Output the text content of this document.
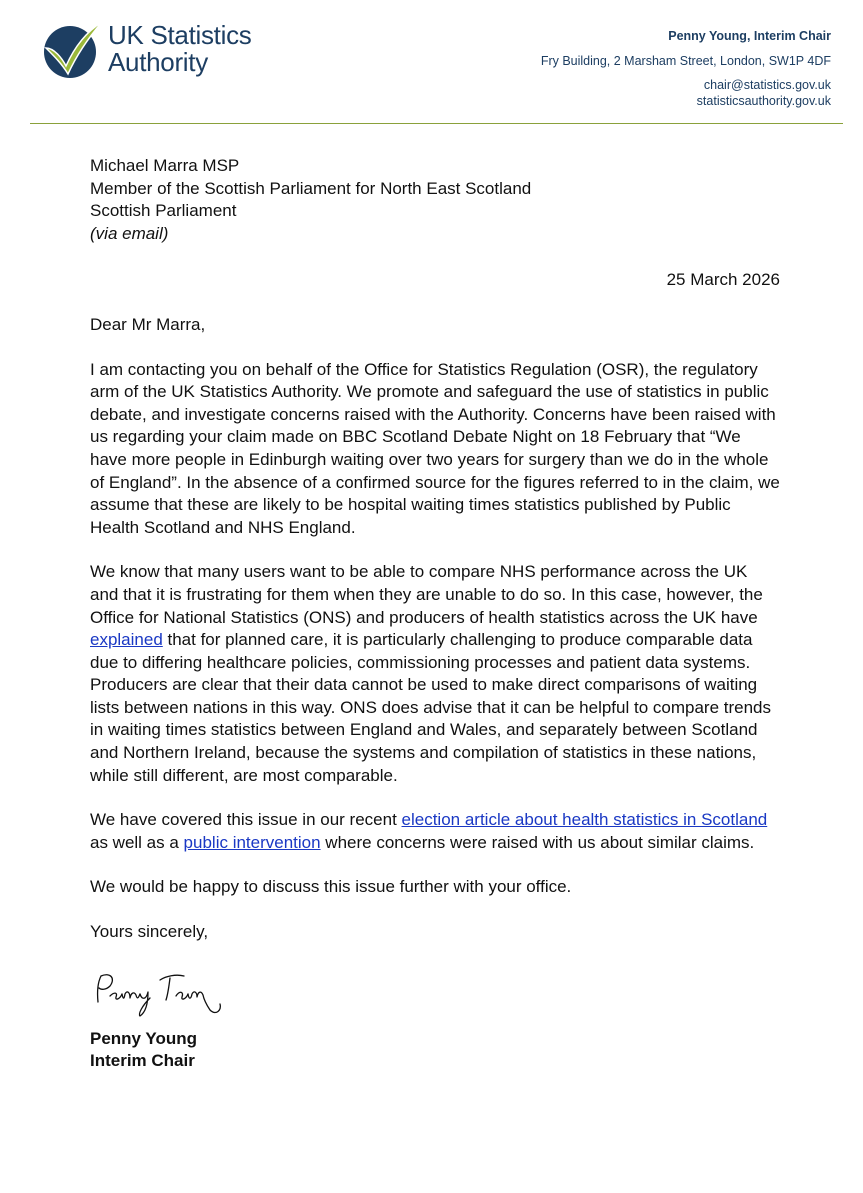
UK Statistics
Authority
Penny Young, Interim Chair
Fry Building, 2 Marsham Street, London, SW1P 4DF
chair@statistics.gov.uk
statisticsauthority.gov.uk
Michael Marra MSP
Member of the Scottish Parliament for North East Scotland
Scottish Parliament
(via email)
25 March 2026

Dear Mr Marra,

I am contacting you on behalf of the Office for Statistics Regulation (OSR), the regulatory arm of the UK Statistics Authority. We promote and safeguard the use of statistics in public debate, and investigate concerns raised with the Authority. Concerns have been raised with us regarding your claim made on BBC Scotland Debate Night on 18 February that “We have more people in Edinburgh waiting over two years for surgery than we do in the whole of England”. In the absence of a confirmed source for the figures referred to in the claim, we assume that these are likely to be hospital waiting times statistics published by Public Health Scotland and NHS England.

We know that many users want to be able to compare NHS performance across the UK and that it is frustrating for them when they are unable to do so. In this case, however, the Office for National Statistics (ONS) and producers of health statistics across the UK have explained that for planned care, it is particularly challenging to produce comparable data due to differing healthcare policies, commissioning processes and patient data systems. Producers are clear that their data cannot be used to make direct comparisons of waiting lists between nations in this way. ONS does advise that it can be helpful to compare trends in waiting times statistics between England and Wales, and separately between Scotland and Northern Ireland, because the systems and compilation of statistics in these nations, while still different, are most comparable.

We have covered this issue in our recent election article about health statistics in Scotland as well as a public intervention where concerns were raised with us about similar claims.

We would be happy to discuss this issue further with your office.

Yours sincerely,

Penny Young
Interim Chair
